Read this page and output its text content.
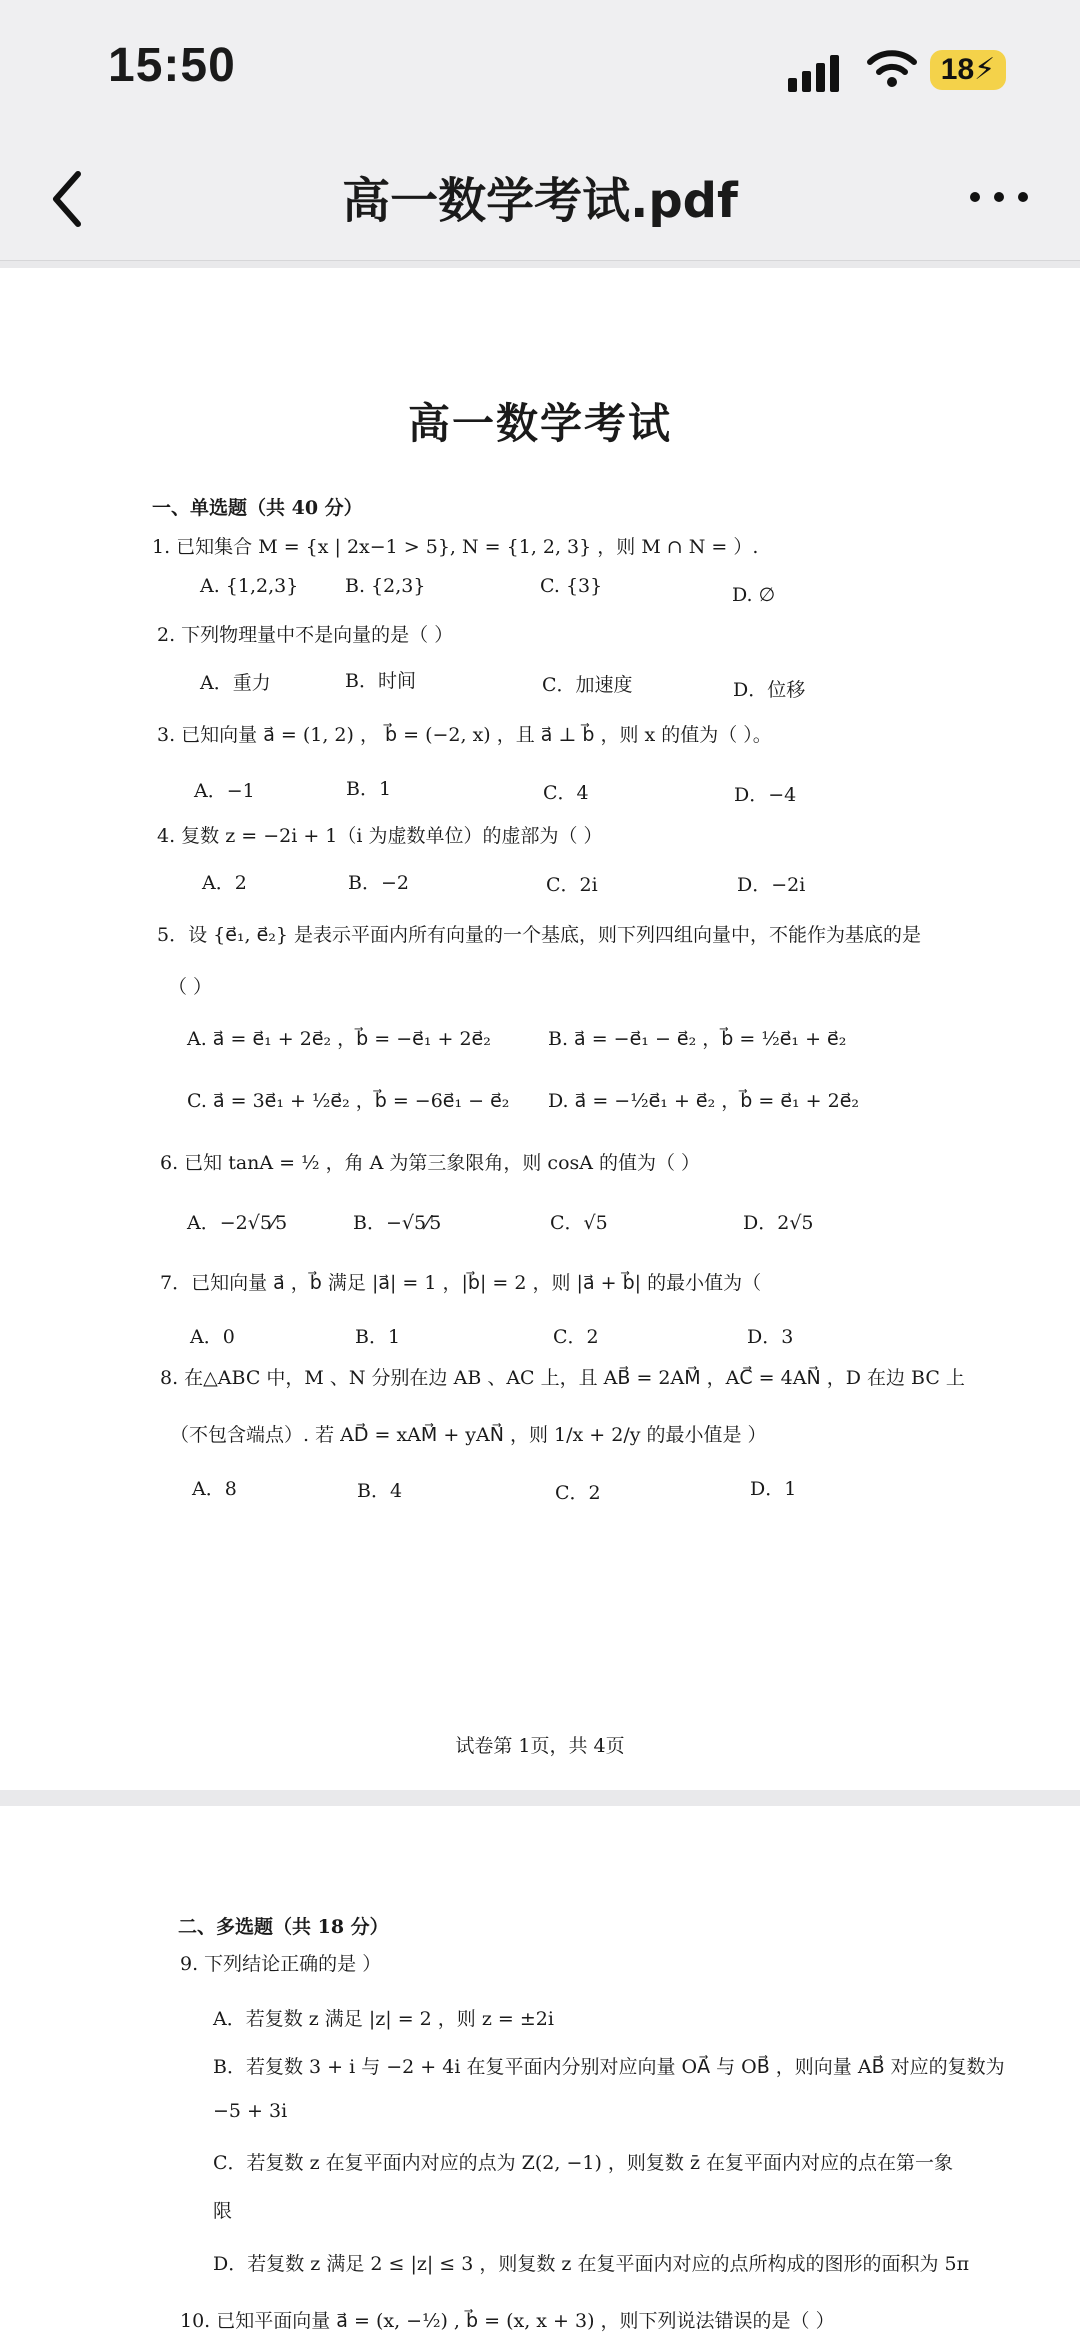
15:50	18⚡
高一数学考试.pdf
高一数学考试
一、单选题（共 40 分）
1. 已知集合 M = {x | 2x−1 > 5}, N = {1, 2, 3} ，则 M ∩ N = ）.
A. {1,2,3} B. {2,3}	C. {3}	D. ∅
2. 下列物理量中不是向量的是（ ）
A．重力	B．时间	C．加速度	D．位移
3. 已知向量 a⃗ = (1, 2) ， b⃗ = (−2, x) ，且 a⃗ ⊥ b⃗ ，则 x 的值为（ ）。
A．−1	B．1	C．4	D．−4
4. 复数 z = −2i + 1（i 为虚数单位）的虚部为（ ）
A．2	B．−2	C．2i	D．−2i
5．设 {e⃗₁, e⃗₂} 是表示平面内所有向量的一个基底，则下列四组向量中，不能作为基底的是
（ ）
A. a⃗ = e⃗₁ + 2e⃗₂ ，b⃗ = −e⃗₁ + 2e⃗₂	B. a⃗ = −e⃗₁ − e⃗₂ ，b⃗ = ½e⃗₁ + e⃗₂
C. a⃗ = 3e⃗₁ + ½e⃗₂ ，b⃗ = −6e⃗₁ − e⃗₂ D. a⃗ = −½e⃗₁ + e⃗₂ ，b⃗ = e⃗₁ + 2e⃗₂
6. 已知 tanA = ½ ，角 A 为第三象限角，则 cosA 的值为（ ）
A．−2√5⁄5	B．−√5⁄5	C．√5	D．2√5
7．已知向量 a⃗ ，b⃗ 满足 |a⃗| = 1 ，|b⃗| = 2 ，则 |a⃗ + b⃗| 的最小值为（
A．0	B．1	C．2	D．3
8. 在△ABC 中，M 、N 分别在边 AB 、AC 上，且 AB⃗ = 2AM⃗ ，AC⃗ = 4AN⃗ ，D 在边 BC 上
（不包含端点）. 若 AD⃗ = xAM⃗ + yAN⃗ ，则 1/x + 2/y 的最小值是 ）
A．8	B．4	C．2	D．1
试卷第 1页，共 4页
二、多选题（共 18 分）
9. 下列结论正确的是 ）
A．若复数 z 满足 |z| = 2 ，则 z = ±2i
B．若复数 3 + i 与 −2 + 4i 在复平面内分别对应向量 OA⃗ 与 OB⃗ ，则向量 AB⃗ 对应的复数为
−5 + 3i
C．若复数 z 在复平面内对应的点为 Z(2, −1) ，则复数 z̄ 在复平面内对应的点在第一象
限
D．若复数 z 满足 2 ≤ |z| ≤ 3 ，则复数 z 在复平面内对应的点所构成的图形的面积为 5π
10. 已知平面向量 a⃗ = (x, −½) , b⃗ = (x, x + 3) ，则下列说法错误的是（ ）
